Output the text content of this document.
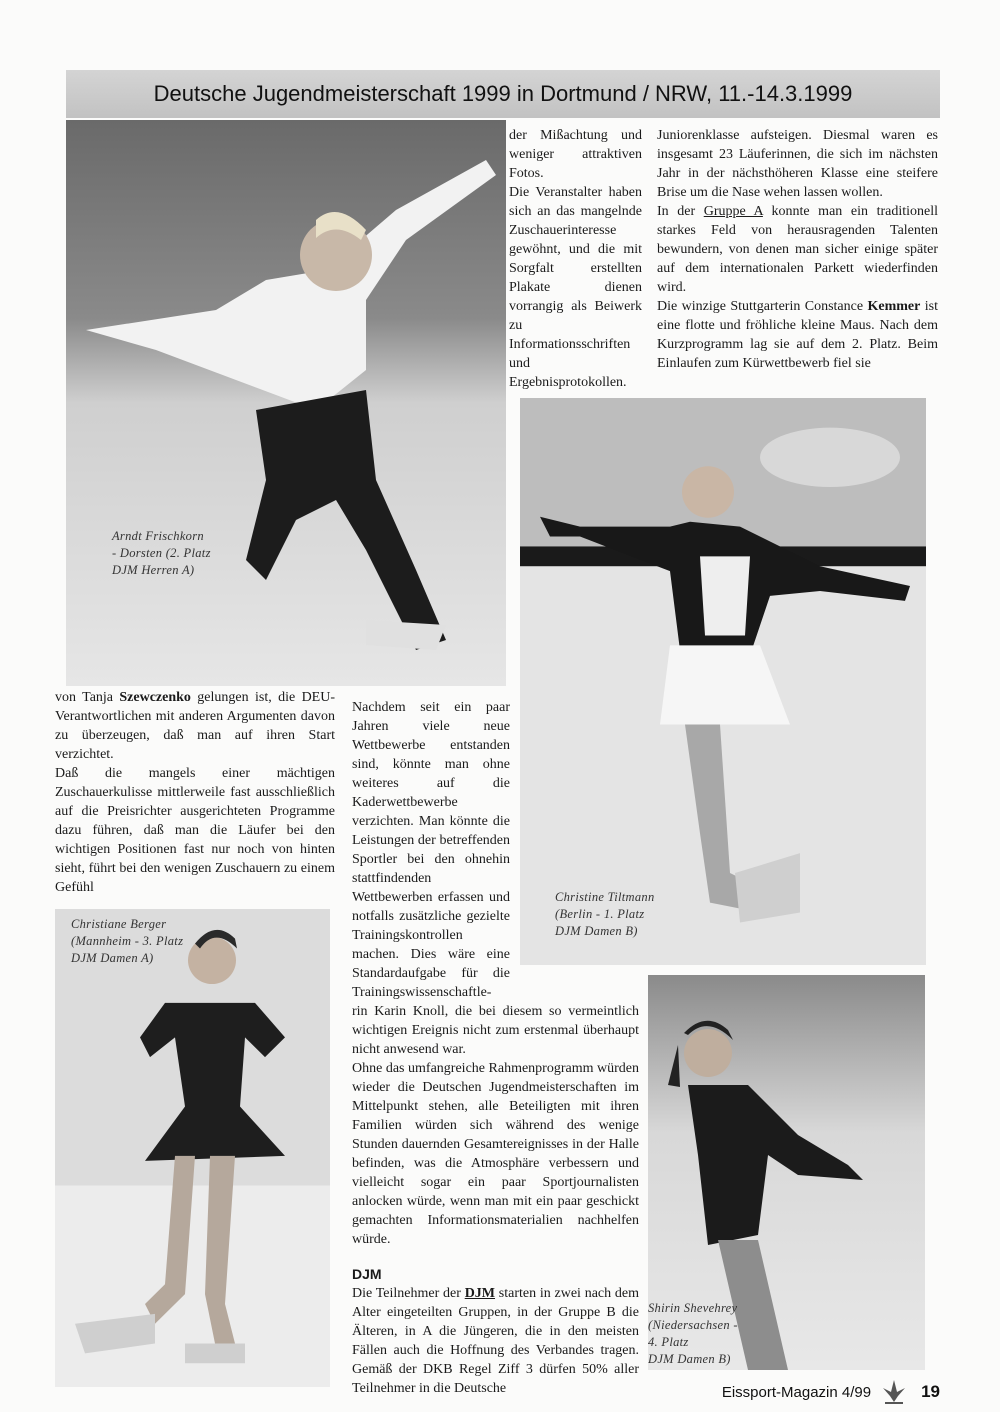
Deutsche Jugendmeisterschaft 1999 in Dortmund / NRW, 11.-14.3.1999
Arndt Frischkorn
- Dorsten (2. Platz
DJM Herren A)

der Mißachtung und weniger attraktiven Fotos.

Die Veranstalter haben sich an das mangelnde Zuschauerinteresse gewöhnt, und die mit Sorgfalt erstellten Plakate dienen vorrangig als Beiwerk zu Informationsschriften und Ergebnisprotokollen.

Juniorenklasse aufsteigen. Diesmal waren es insgesamt 23 Läuferinnen, die sich im nächsten Jahr in der nächsthöheren Klasse eine steifere Brise um die Nase wehen lassen wollen.

In der Gruppe A konnte man ein traditionell starkes Feld von herausragenden Talenten bewundern, von denen man sicher einige später auf dem internationalen Parkett wiederfinden wird.

Die winzige Stuttgarterin Constance Kemmer ist eine flotte und fröhliche kleine Maus. Nach dem Kurzprogramm lag sie auf dem 2. Platz. Beim Einlaufen zum Kürwettbewerb fiel sie

Christine Tiltmann
(Berlin - 1. Platz
DJM Damen B)

von Tanja Szewczenko gelungen ist, die DEU-Verantwortlichen mit anderen Argumenten davon zu überzeugen, daß man auf ihren Start verzichtet.

Daß die mangels einer mächtigen Zuschauerkulisse mittlerweile fast ausschließlich auf die Preisrichter ausgerichteten Programme dazu führen, daß man die Läufer bei den wichtigen Positionen fast nur noch von hinten sieht, führt bei den wenigen Zuschauern zu einem Gefühl

Christiane Berger
(Mannheim - 3. Platz
DJM Damen A)

Nachdem seit ein paar Jahren viele neue Wettbewerbe entstanden sind, könnte man ohne weiteres auf die Kaderwettbewerbe verzichten. Man könnte die Leistungen der betreffenden Sportler bei den ohnehin stattfindenden Wettbewerben erfassen und notfalls zusätzliche gezielte Trainingskontrollen machen. Dies wäre eine Standardaufgabe für die Trainingswissenschaftle-

rin Karin Knoll, die bei diesem so vermeintlich wichtigen Ereignis nicht zum erstenmal überhaupt nicht anwesend war.

Ohne das umfangreiche Rahmenprogramm würden wieder die Deutschen Jugendmeisterschaften im Mittelpunkt stehen, alle Beteiligten mit ihren Familien würden sich während des wenige Stunden dauernden Gesamtereignisses in der Halle befinden, was die Atmosphäre verbessern und vielleicht sogar ein paar Sportjournalisten anlocken würde, wenn man mit ein paar geschickt gemachten Informationsmaterialien nachhelfen würde.

DJM

Die Teilnehmer der DJM starten in zwei nach dem Alter eingeteilten Gruppen, in der Gruppe B die Älteren, in A die Jüngeren, die in den meisten Fällen auch die Hoffnung des Verbandes tragen. Gemäß der DKB Regel Ziff 3 dürfen 50% aller Teilnehmer in die Deutsche

Shirin Shevehrey
(Niedersachsen -
4. Platz
DJM Damen B)
Eissport-Magazin 4/99	19
